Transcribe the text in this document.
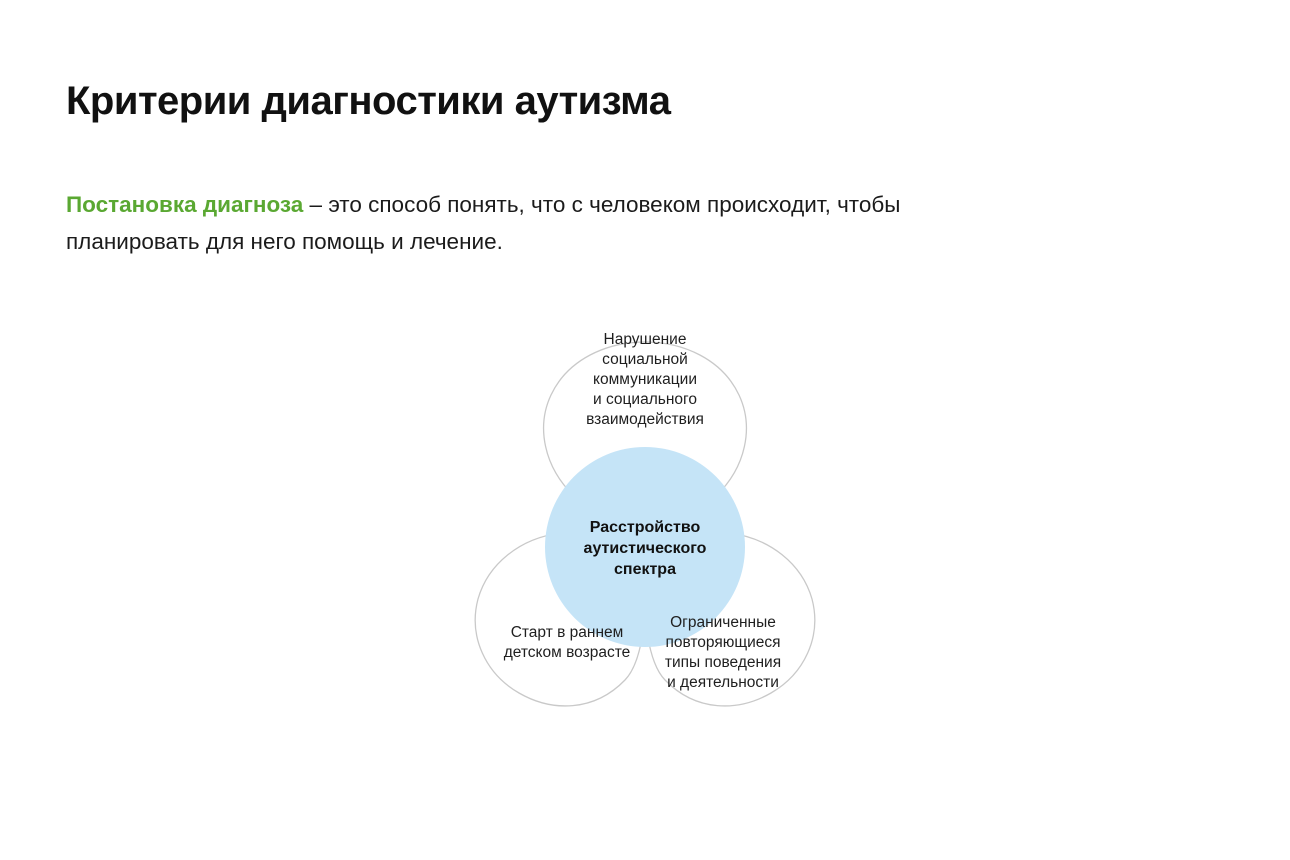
Критерии диагностики аутизма

Постановка диагноза – это способ понять, что с человеком происходит, чтобы планировать для него помощь и лечение.

Нарушение
социальной
коммуникации
и социального
взаимодействия
Ограниченные
повторяющиеся
типы поведения
и деятельности
Старт в раннем
детском возрасте
Расстройство
аутистического
спектра
